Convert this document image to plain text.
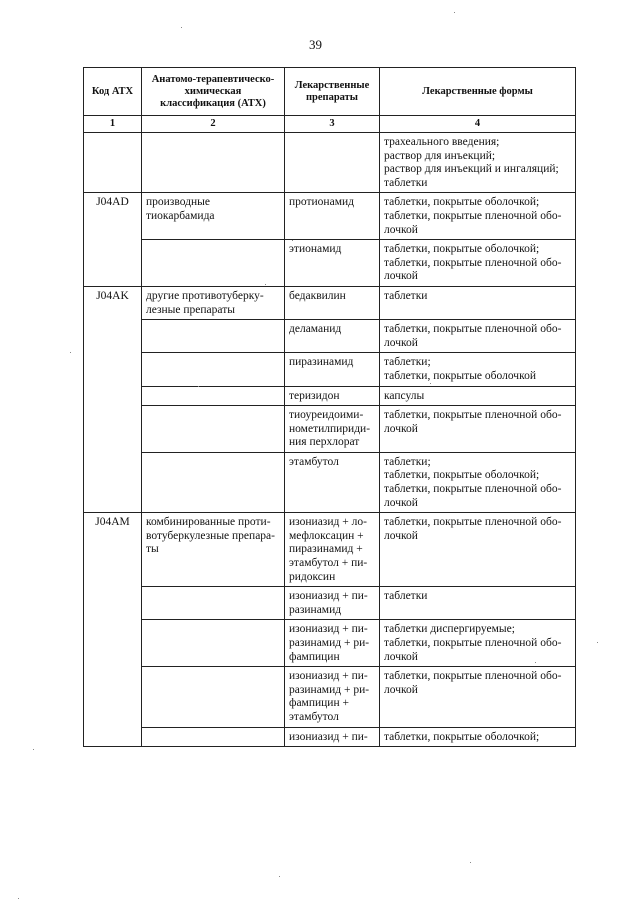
39
Код АТХ	Анатомо-терапевтическо-химическая классификация (АТХ)	Лекарственные препараты	Лекарственные формы
1	2	3	4

			трахеального введения;
раствор для инъекций;
раствор для инъекций и ингаляций;
таблетки

J04AD	производные тиокарбамида	протионамид	таблетки, покрытые оболочкой;
таблетки, покрытые пленочной обо-
лочкой

		этионамид	таблетки, покрытые оболочкой;
таблетки, покрытые пленочной обо-
лочкой

J04AK	другие противотуберку-лезные препараты	бедаквилин	таблетки

		деламанид	таблетки, покрытые пленочной обо-
лочкой

		пиразинамид	таблетки;
таблетки, покрытые оболочкой

		теризидон	капсулы

		тиоуреидоими-нометилпириди-ния перхлорат	таблетки, покрытые пленочной обо-
лочкой

		этамбутол	таблетки;
таблетки, покрытые оболочкой;
таблетки, покрытые пленочной обо-
лочкой

J04AM	комбинированные проти-вотуберкулезные препара-ты	изониазид + ло-мефлоксацин + пиразинамид + этамбутол + пи-ридоксин	таблетки, покрытые пленочной обо-
лочкой

		изониазид + пи-разинамид	таблетки

		изониазид + пи-разинамид + ри-фампицин	таблетки диспергируемые;
таблетки, покрытые пленочной обо-
лочкой

		изониазид + пи-разинамид + ри-фампицин + этамбутол	таблетки, покрытые пленочной обо-
лочкой

		изониазид + пи-	таблетки, покрытые оболочкой;
